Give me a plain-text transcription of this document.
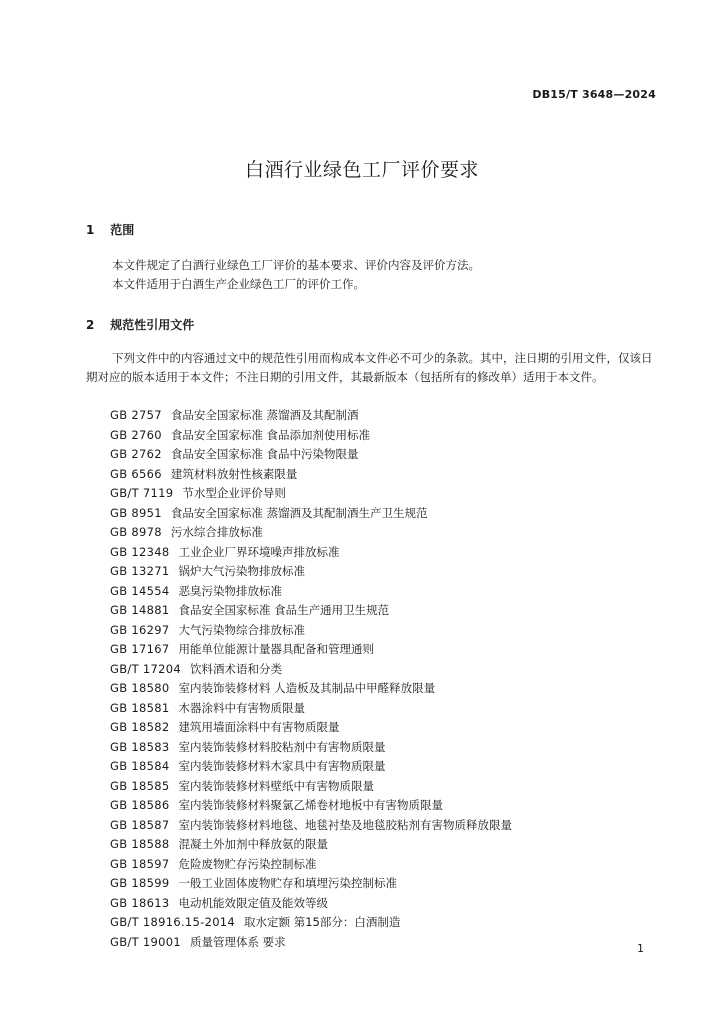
DB15/T 3648—2024
白酒行业绿色工厂评价要求
1 范围
本文件规定了白酒行业绿色工厂评价的基本要求、评价内容及评价方法。
本文件适用于白酒生产企业绿色工厂的评价工作。
2 规范性引用文件
下列文件中的内容通过文中的规范性引用而构成本文件必不可少的条款。其中，注日期的引用文件，仅该日期对应的版本适用于本文件；不注日期的引用文件，其最新版本（包括所有的修改单）适用于本文件。
GB 2757 食品安全国家标准 蒸馏酒及其配制酒
GB 2760 食品安全国家标准 食品添加剂使用标准
GB 2762 食品安全国家标准 食品中污染物限量
GB 6566 建筑材料放射性核素限量
GB/T 7119 节水型企业评价导则
GB 8951 食品安全国家标准 蒸馏酒及其配制酒生产卫生规范
GB 8978 污水综合排放标准
GB 12348 工业企业厂界环境噪声排放标准
GB 13271 锅炉大气污染物排放标准
GB 14554 恶臭污染物排放标准
GB 14881 食品安全国家标准 食品生产通用卫生规范
GB 16297 大气污染物综合排放标准
GB 17167 用能单位能源计量器具配备和管理通则
GB/T 17204 饮料酒术语和分类
GB 18580 室内装饰装修材料 人造板及其制品中甲醛释放限量
GB 18581 木器涂料中有害物质限量
GB 18582 建筑用墙面涂料中有害物质限量
GB 18583 室内装饰装修材料胶粘剂中有害物质限量
GB 18584 室内装饰装修材料木家具中有害物质限量
GB 18585 室内装饰装修材料壁纸中有害物质限量
GB 18586 室内装饰装修材料聚氯乙烯卷材地板中有害物质限量
GB 18587 室内装饰装修材料地毯、地毯衬垫及地毯胶粘剂有害物质释放限量
GB 18588 混凝土外加剂中释放氨的限量
GB 18597 危险废物贮存污染控制标准
GB 18599 一般工业固体废物贮存和填埋污染控制标准
GB 18613 电动机能效限定值及能效等级
GB/T 18916.15-2014 取水定额 第15部分：白酒制造
GB/T 19001 质量管理体系 要求	1
